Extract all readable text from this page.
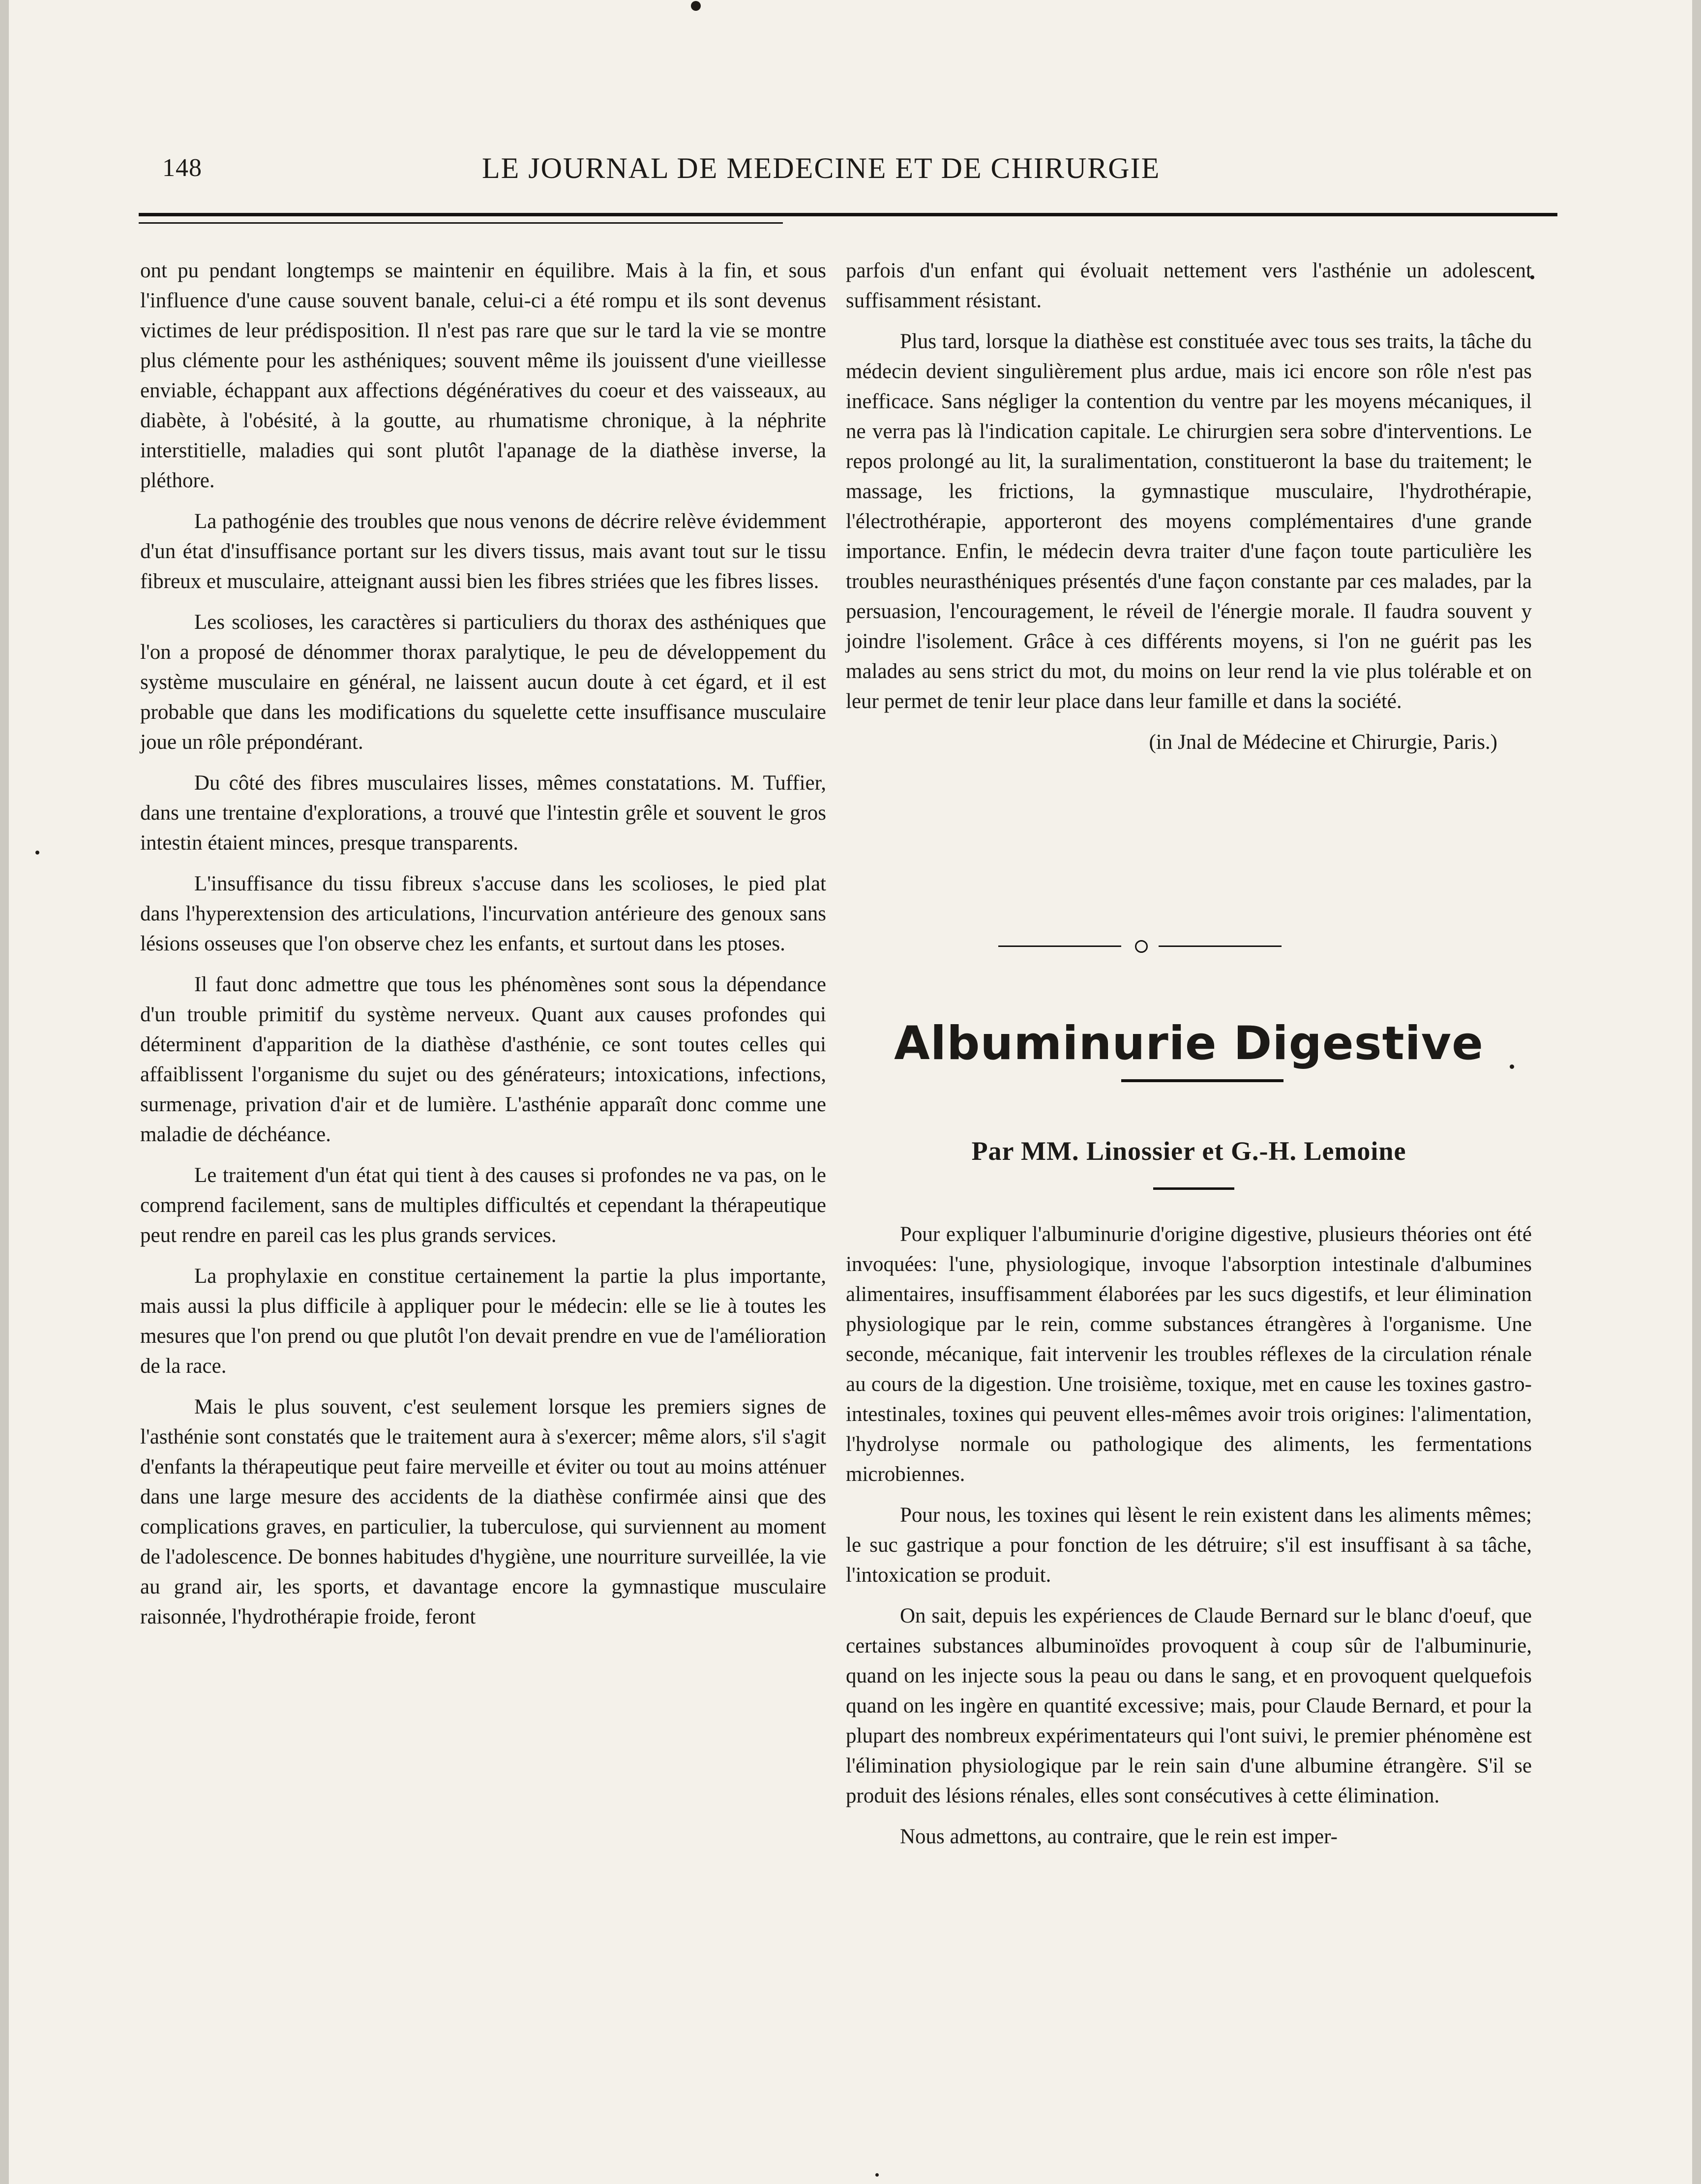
148	LE JOURNAL DE MEDECINE ET DE CHIRURGIE

ont pu pendant longtemps se maintenir en équilibre. Mais à la fin, et sous l'influence d'une cause souvent banale, celui-ci a été rompu et ils sont devenus victimes de leur prédisposition. Il n'est pas rare que sur le tard la vie se montre plus clémente pour les asthéniques; souvent même ils jouissent d'une vieillesse enviable, échappant aux affections dégénératives du coeur et des vaisseaux, au diabète, à l'obésité, à la goutte, au rhumatisme chronique, à la néphrite interstitielle, maladies qui sont plutôt l'apanage de la diathèse inverse, la pléthore.

La pathogénie des troubles que nous venons de décrire relève évidemment d'un état d'insuffisance portant sur les divers tissus, mais avant tout sur le tissu fibreux et musculaire, atteignant aussi bien les fibres striées que les fibres lisses.

Les scolioses, les caractères si particuliers du thorax des asthéniques que l'on a proposé de dénommer thorax paralytique, le peu de développement du système musculaire en général, ne laissent aucun doute à cet égard, et il est probable que dans les modifications du squelette cette insuffisance musculaire joue un rôle prépondérant.

Du côté des fibres musculaires lisses, mêmes constatations. M. Tuffier, dans une trentaine d'explorations, a trouvé que l'intestin grêle et souvent le gros intestin étaient minces, presque transparents.

L'insuffisance du tissu fibreux s'accuse dans les scolioses, le pied plat dans l'hyperextension des articulations, l'incurvation antérieure des genoux sans lésions osseuses que l'on observe chez les enfants, et surtout dans les ptoses.

Il faut donc admettre que tous les phénomènes sont sous la dépendance d'un trouble primitif du système nerveux. Quant aux causes profondes qui déterminent d'apparition de la diathèse d'asthénie, ce sont toutes celles qui affaiblissent l'organisme du sujet ou des générateurs; intoxications, infections, surmenage, privation d'air et de lumière. L'asthénie apparaît donc comme une maladie de déchéance.

Le traitement d'un état qui tient à des causes si profondes ne va pas, on le comprend facilement, sans de multiples difficultés et cependant la thérapeutique peut rendre en pareil cas les plus grands services.

La prophylaxie en constitue certainement la partie la plus importante, mais aussi la plus difficile à appliquer pour le médecin: elle se lie à toutes les mesures que l'on prend ou que plutôt l'on devait prendre en vue de l'amélioration de la race.

Mais le plus souvent, c'est seulement lorsque les premiers signes de l'asthénie sont constatés que le traitement aura à s'exercer; même alors, s'il s'agit d'enfants la thérapeutique peut faire merveille et éviter ou tout au moins atténuer dans une large mesure des accidents de la diathèse confirmée ainsi que des complications graves, en particulier, la tuberculose, qui surviennent au moment de l'adolescence. De bonnes habitudes d'hygiène, une nourriture surveillée, la vie au grand air, les sports, et davantage encore la gymnastique musculaire raisonnée, l'hydrothérapie froide, feront

parfois d'un enfant qui évoluait nettement vers l'asthénie un adolescent suffisamment résistant.

Plus tard, lorsque la diathèse est constituée avec tous ses traits, la tâche du médecin devient singulièrement plus ardue, mais ici encore son rôle n'est pas inefficace. Sans négliger la contention du ventre par les moyens mécaniques, il ne verra pas là l'indication capitale. Le chirurgien sera sobre d'interventions. Le repos prolongé au lit, la suralimentation, constitueront la base du traitement; le massage, les frictions, la gymnastique musculaire, l'hydrothérapie, l'électrothérapie, apporteront des moyens complémentaires d'une grande importance. Enfin, le médecin devra traiter d'une façon toute particulière les troubles neurasthéniques présentés d'une façon constante par ces malades, par la persuasion, l'encouragement, le réveil de l'énergie morale. Il faudra souvent y joindre l'isolement. Grâce à ces différents moyens, si l'on ne guérit pas les malades au sens strict du mot, du moins on leur rend la vie plus tolérable et on leur permet de tenir leur place dans leur famille et dans la société.

(in Jnal de Médecine et Chirurgie, Paris.)

Albuminurie Digestive
Par MM. Linossier et G.-H. Lemoine

Pour expliquer l'albuminurie d'origine digestive, plusieurs théories ont été invoquées: l'une, physiologique, invoque l'absorption intestinale d'albumines alimentaires, insuffisamment élaborées par les sucs digestifs, et leur élimination physiologique par le rein, comme substances étrangères à l'organisme. Une seconde, mécanique, fait intervenir les troubles réflexes de la circulation rénale au cours de la digestion. Une troisième, toxique, met en cause les toxines gastro-intestinales, toxines qui peuvent elles-mêmes avoir trois origines: l'alimentation, l'hydrolyse normale ou pathologique des aliments, les fermentations microbiennes.

Pour nous, les toxines qui lèsent le rein existent dans les aliments mêmes; le suc gastrique a pour fonction de les détruire; s'il est insuffisant à sa tâche, l'intoxication se produit.

On sait, depuis les expériences de Claude Bernard sur le blanc d'oeuf, que certaines substances albuminoïdes provoquent à coup sûr de l'albuminurie, quand on les injecte sous la peau ou dans le sang, et en provoquent quelquefois quand on les ingère en quantité excessive; mais, pour Claude Bernard, et pour la plupart des nombreux expérimentateurs qui l'ont suivi, le premier phénomène est l'élimination physiologique par le rein sain d'une albumine étrangère. S'il se produit des lésions rénales, elles sont consécutives à cette élimination.

Nous admettons, au contraire, que le rein est imper-
